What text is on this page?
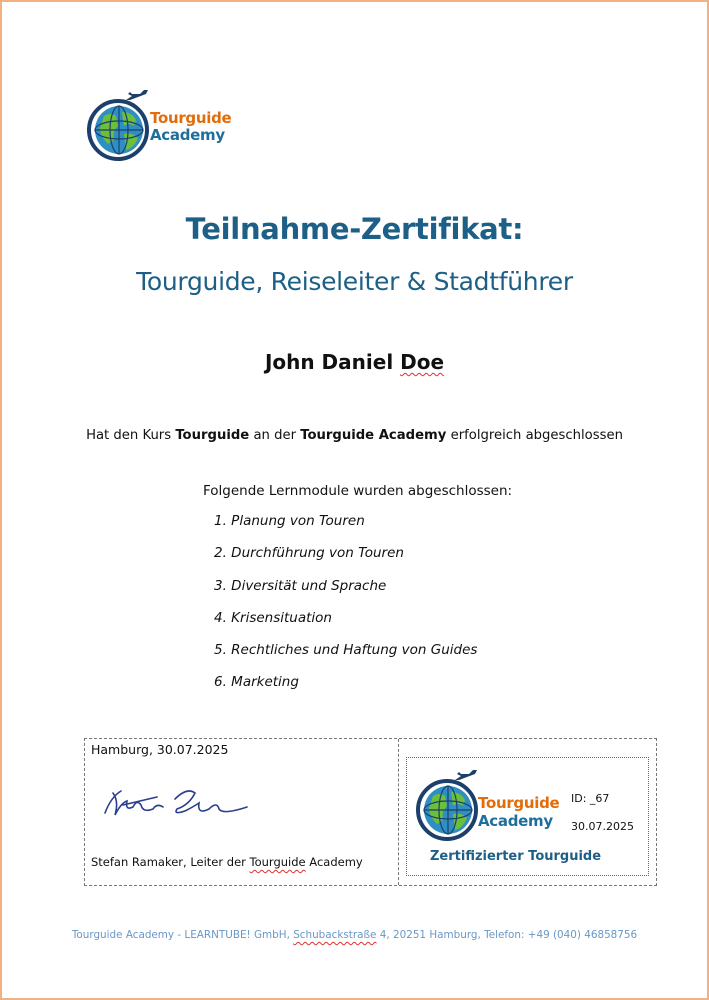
Tourguide
Academy
Teilnahme-Zertifikat:
Tourguide, Reiseleiter & Stadtführer
John Daniel Doe
Hat den Kurs Tourguide an der Tourguide Academy erfolgreich abgeschlossen
Folgende Lernmodule wurden abgeschlossen:
1. Planung von Touren
2. Durchführung von Touren
3. Diversität und Sprache
4. Krisensituation
5. Rechtliches und Haftung von Guides
6. Marketing
Hamburg, 30.07.2025
Stefan Ramaker, Leiter der Tourguide Academy
Tourguide
Academy
ID: _67
30.07.2025
Zertifizierter Tourguide
Tourguide Academy - LEARNTUBE! GmbH, Schubackstraße 4, 20251 Hamburg, Telefon: +49 (040) 46858756
